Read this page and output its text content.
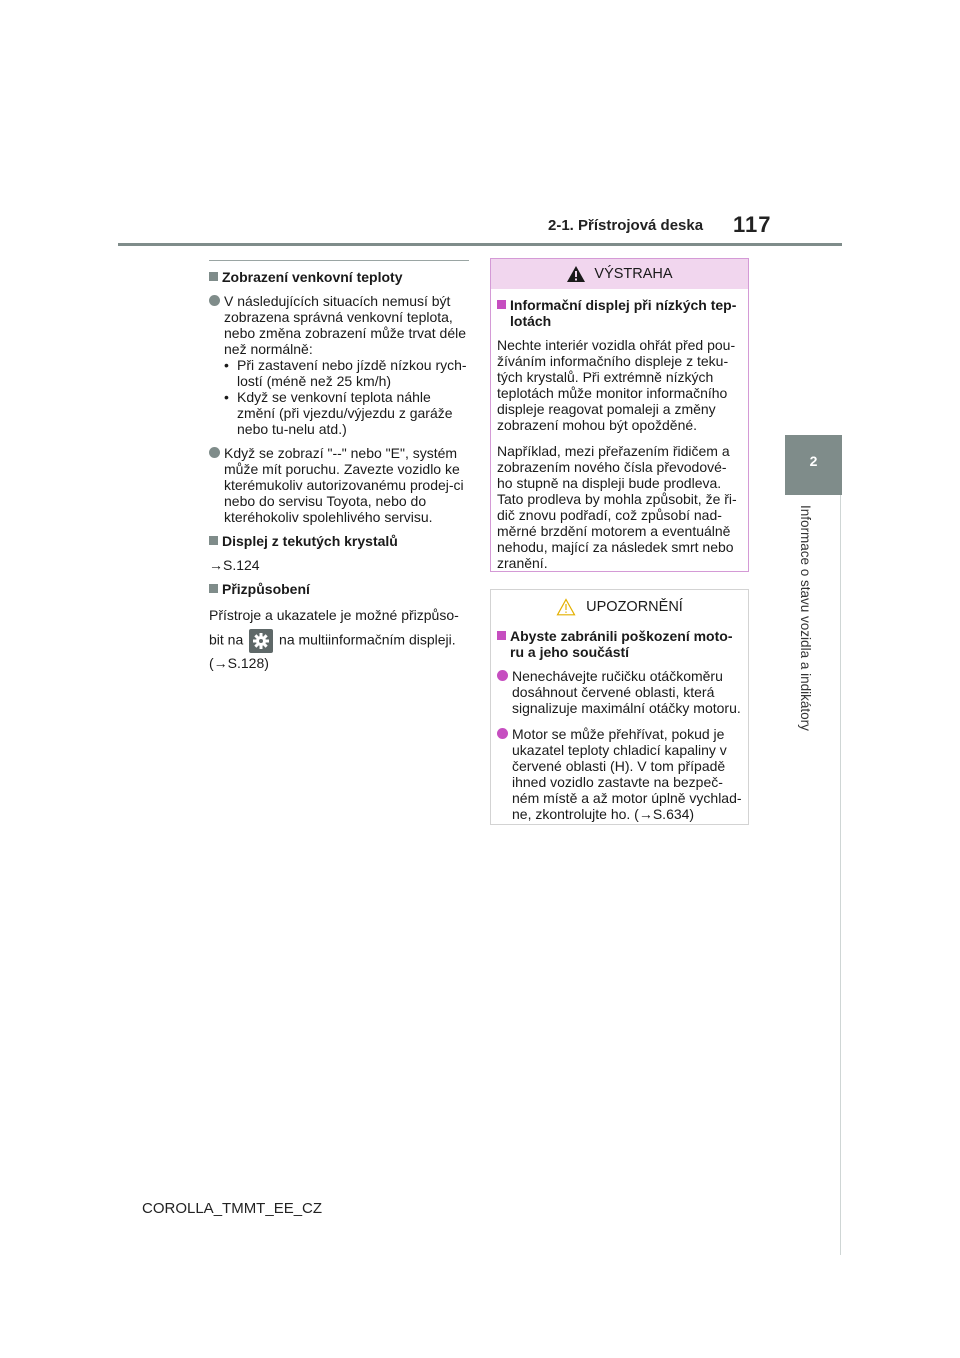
2-1. Přístrojová deska 117
2
Informace o stavu vozidla a indikátory
Zobrazení venkovní teploty
V následujících situacích nemusí být zobrazena správná venkovní teplota, nebo změna zobrazení může trvat déle než normálně:
• Při zastavení nebo jízdě nízkou rych-lostí (méně než 25 km/h)
• Když se venkovní teplota náhle změní (při vjezdu/výjezdu z garáže nebo tu-nelu atd.)
Když se zobrazí "--" nebo "E", systém může mít poruchu. Zavezte vozidlo ke kterémukoliv autorizovanému prodej-ci nebo do servisu Toyota, nebo do kteréhokoliv spolehlivého servisu.
Displej z tekutých krystalů

→S.124

Přizpůsobení
Přístroje a ukazatele je možné přizpůso-
bit na	na multiinformačním displeji.
(→S.128)
VÝSTRAHA
Informační displej při nízkých tep-lotách

Nechte interiér vozidla ohřát před pou-žíváním informačního displeje z teku-tých krystalů. Při extrémně nízkých teplotách může monitor informačního displeje reagovat pomaleji a změny zobrazení mohou být opožděné.

Například, mezi přeřazením řidičem a zobrazením nového čísla převodové-ho stupně na displeji bude prodleva. Tato prodleva by mohla způsobit, že ři-dič znovu podřadí, což způsobí nad-měrné brzdění motorem a eventuálně nehodu, mající za následek smrt nebo zranění.

UPOZORNĚNÍ
Abyste zabránili poškození moto-ru a jeho součástí
Nenechávejte ručičku otáčkoměru dosáhnout červené oblasti, která signalizuje maximální otáčky motoru.
Motor se může přehřívat, pokud je ukazatel teploty chladicí kapaliny v červené oblasti (H). V tom případě ihned vozidlo zastavte na bezpeč-ném místě a až motor úplně vychlad-ne, zkontrolujte ho. (→S.634)
COROLLA_TMMT_EE_CZ
